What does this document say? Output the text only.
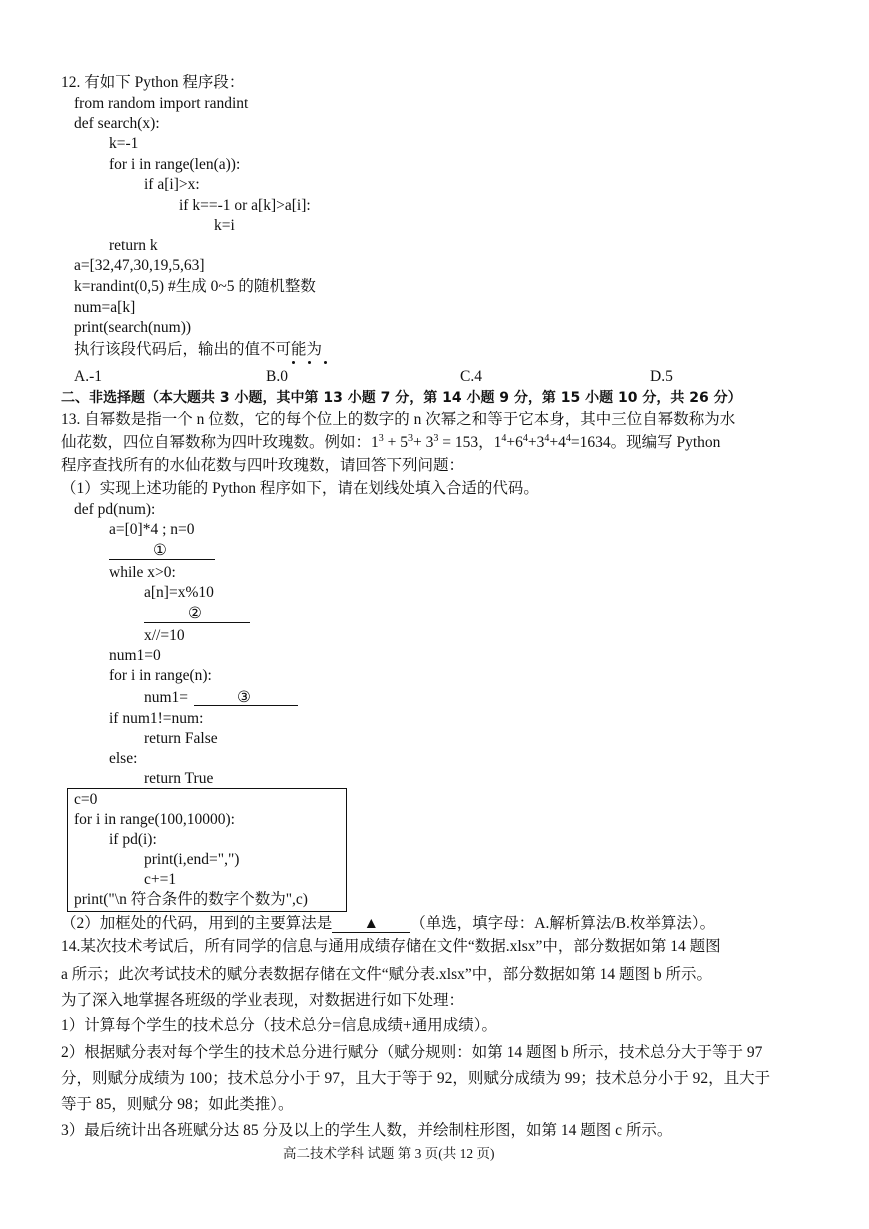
12. 有如下 Python 程序段：
from random import randint
def search(x):
k=-1
for i in range(len(a)):
if a[i]>x:
if k==-1 or a[k]>a[i]:
k=i
return k
a=[32,47,30,19,5,63]
k=randint(0,5) #生成 0~5 的随机整数
num=a[k]
print(search(num))
执行该段代码后，输出的值不可能为
A.-1	B.0	C.4	D.5
二、非选择题（本大题共 3 小题，其中第 13 小题 7 分，第 14 小题 9 分，第 15 小题 10 分，共 26 分）
13. 自幂数是指一个 n 位数，它的每个位上的数字的 n 次幂之和等于它本身，其中三位自幂数称为水
仙花数，四位自幂数称为四叶玫瑰数。例如：$1^3 + 5^3+ 3^3 = 153$，$1^4+6^4+3^4+4^4=1634$。现编写 Python
程序查找所有的水仙花数与四叶玫瑰数，请回答下列问题：
（1）实现上述功能的 Python 程序如下，请在划线处填入合适的代码。
def pd(num):
a=[0]*4 ; n=0
①
while x>0:
a[n]=x%10
②
x//=10
num1=0
for i in range(n):
num1=	③
if num1!=num:
return False
else:
return True
c=0
for i in range(100,10000):
if pd(i):
print(i,end=",")
c+=1
print("\n 符合条件的数字个数为",c)
（2）加框处的代码，用到的主要算法是 ▲ （单选，填字母：A.解析算法/B.枚举算法）。
14.某次技术考试后，所有同学的信息与通用成绩存储在文件“数据.xlsx”中，部分数据如第 14 题图
a 所示；此次考试技术的赋分表数据存储在文件“赋分表.xlsx”中，部分数据如第 14 题图 b 所示。
为了深入地掌握各班级的学业表现，对数据进行如下处理：
1）计算每个学生的技术总分（技术总分=信息成绩+通用成绩）。
2）根据赋分表对每个学生的技术总分进行赋分（赋分规则：如第 14 题图 b 所示，技术总分大于等于 97
分，则赋分成绩为 100；技术总分小于 97，且大于等于 92，则赋分成绩为 99；技术总分小于 92，且大于
等于 85，则赋分 98；如此类推）。
3）最后统计出各班赋分达 85 分及以上的学生人数，并绘制柱形图，如第 14 题图 c 所示。
高二技术学科 试题 第 3 页(共 12 页)
